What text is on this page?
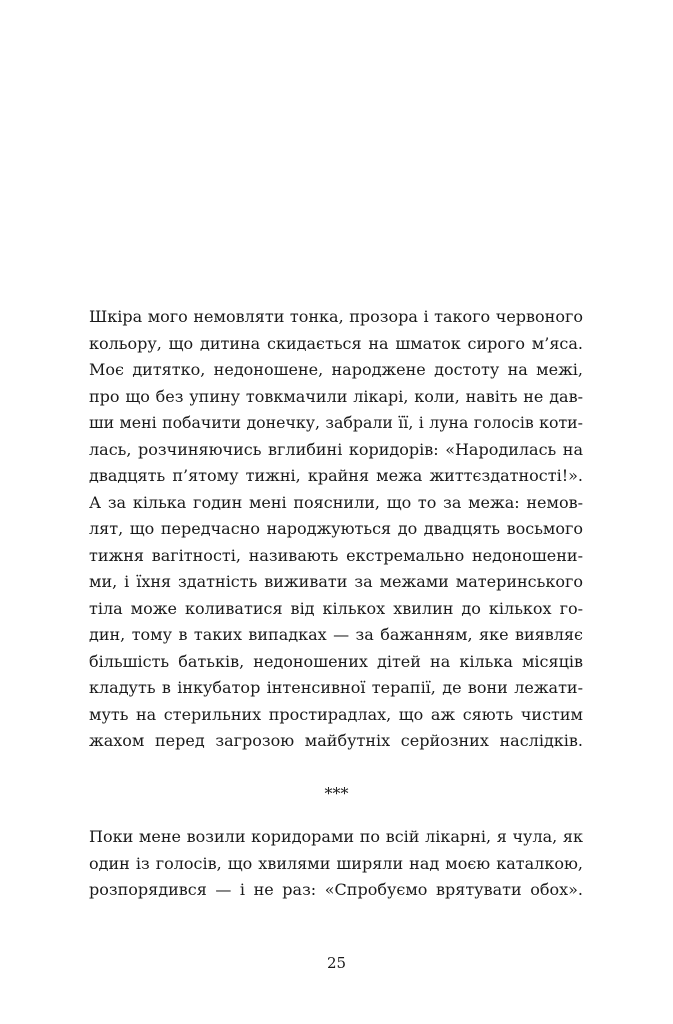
Шкіра мого немовляти тонка, прозора і такого червоного
кольору, що дитина скидається на шматок сирого м’яса.
Моє дитятко, недоношене, народжене достоту на межі,
про що без упину товкмачили лікарі, коли, навіть не дав-
ши мені побачити донечку, забрали її, і луна голосів коти-
лась, розчиняючись вглибині коридорів: «Народилась на
двадцять п’ятому тижні, крайня межа життєздатності!».
А за кілька годин мені пояснили, що то за межа: немов-
лят, що передчасно народжуються до двадцять восьмого
тижня вагітності, називають екстремально недоношени-
ми, і їхня здатність виживати за межами материнського
тіла може коливатися від кількох хвилин до кількох го-
дин, тому в таких випадках — за бажанням, яке виявляє
більшість батьків, недоношених дітей на кілька місяців
кладуть в інкубатор інтенсивної терапії, де вони лежати-
муть на стерильних простирадлах, що аж сяють чистим
жахом перед загрозою майбутніх серйозних наслідків.
***
Поки мене возили коридорами по всій лікарні, я чула, як
один із голосів, що хвилями ширяли над моєю каталкою,
розпорядився — і не раз: «Спробуємо врятувати обох».
25
